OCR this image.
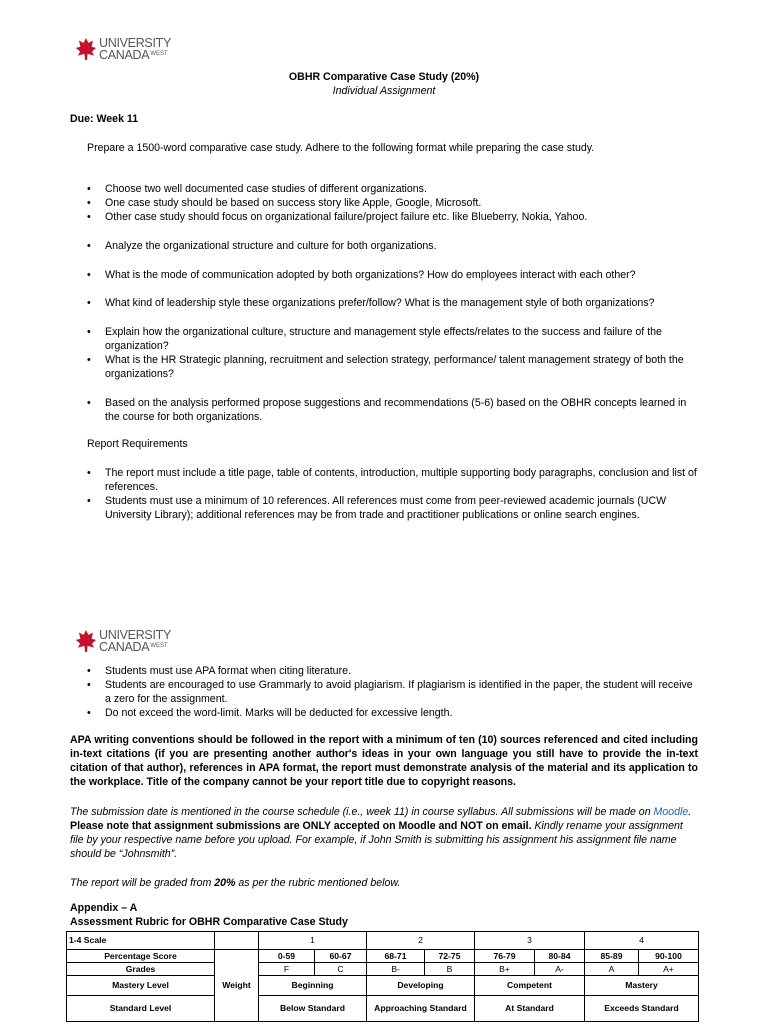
UNIVERSITY
$CANADA^{WEST}$
OBHR Comparative Case Study (20%)
Individual Assignment
Due: Week 11
Prepare a 1500-word comparative case study. Adhere to the following format while preparing the case study.
• Choose two well documented case studies of different organizations.
• One case study should be based on success story like Apple, Google, Microsoft.
• Other case study should focus on organizational failure/project failure etc. like Blueberry, Nokia, Yahoo.
• Analyze the organizational structure and culture for both organizations.
• What is the mode of communication adopted by both organizations? How do employees interact with each other?
• What kind of leadership style these organizations prefer/follow? What is the management style of both organizations?
• Explain how the organizational culture, structure and management style effects/relates to the success and failure of the organization?
• What is the HR Strategic planning, recruitment and selection strategy, performance/ talent management strategy of both the organizations?
• Based on the analysis performed propose suggestions and recommendations (5-6) based on the OBHR concepts learned in the course for both organizations.
Report Requirements
• The report must include a title page, table of contents, introduction, multiple supporting body paragraphs, conclusion and list of references.
• Students must use a minimum of 10 references. All references must come from peer-reviewed academic journals (UCW University Library); additional references may be from trade and practitioner publications or online search engines.
UNIVERSITY
$CANADA^{WEST}$
• Students must use APA format when citing literature.
• Students are encouraged to use Grammarly to avoid plagiarism. If plagiarism is identified in the paper, the student will receive a zero for the assignment.
• Do not exceed the word-limit. Marks will be deducted for excessive length.
APA writing conventions should be followed in the report with a minimum of ten (10) sources referenced and cited including in-text citations (if you are presenting another author's ideas in your own language you still have to provide the in-text citation of that author), references in APA format, the report must demonstrate analysis of the material and its application to the workplace. Title of the company cannot be your report title due to copyright reasons.
The submission date is mentioned in the course schedule (i.e., week 11) in course syllabus. All submissions will be made on Moodle. Please note that assignment submissions are ONLY accepted on Moodle and NOT on email. Kindly rename your assignment file by your respective name before you upload. For example, if John Smith is submitting his assignment his assignment file name should be “Johnsmith”.
The report will be graded from 20% as per the rubric mentioned below.
Appendix – A
Assessment Rubric for OBHR Comparative Case Study
1-4 Scale		1		2		3		4	
Percentage Score	Weight	0-59	60-67	68-71	72-75	76-79	80-84	85-89	90-100
Grades		F	C	B-	B	B+	A-	A	A+
Mastery Level		Beginning		Developing		Competent		Mastery	
Standard Level		Below Standard		Approaching Standard		At Standard		Exceeds Standard	
